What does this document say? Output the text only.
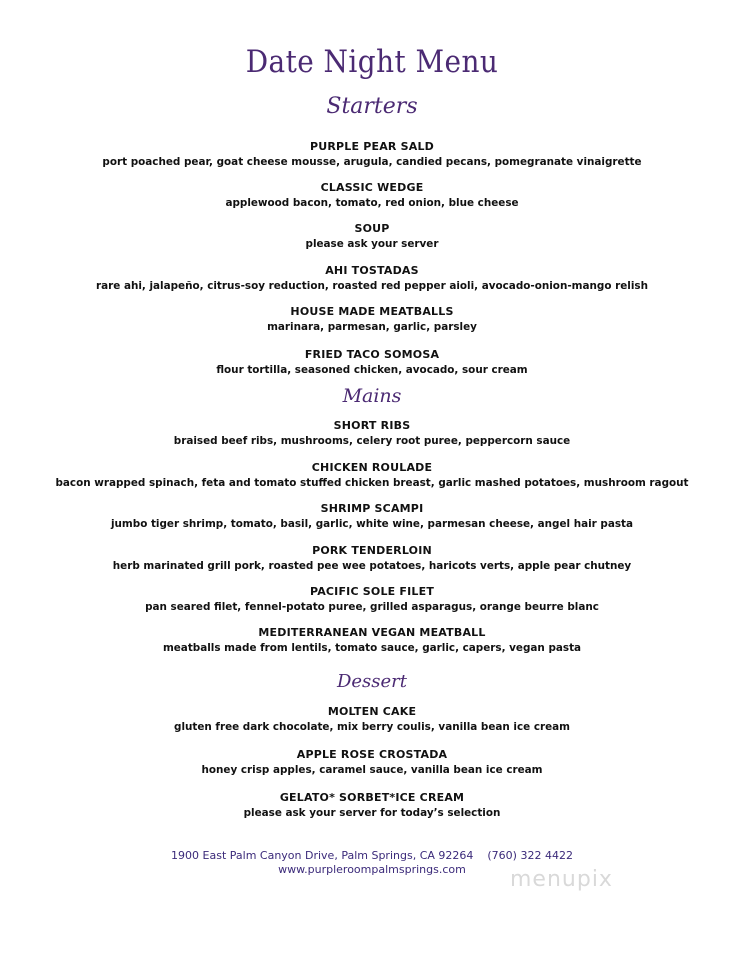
Date Night Menu
Starters
PURPLE PEAR SALD
port poached pear, goat cheese mousse, arugula, candied pecans, pomegranate vinaigrette
CLASSIC WEDGE
applewood bacon, tomato, red onion, blue cheese
SOUP
please ask your server
AHI TOSTADAS
rare ahi, jalapeño, citrus-soy reduction, roasted red pepper aioli, avocado-onion-mango relish
HOUSE MADE MEATBALLS
marinara, parmesan, garlic, parsley
FRIED TACO SOMOSA
flour tortilla, seasoned chicken, avocado, sour cream
Mains
SHORT RIBS
braised beef ribs, mushrooms, celery root puree, peppercorn sauce
CHICKEN ROULADE
bacon wrapped spinach, feta and tomato stuffed chicken breast, garlic mashed potatoes, mushroom ragout
SHRIMP SCAMPI
jumbo tiger shrimp, tomato, basil, garlic, white wine, parmesan cheese, angel hair pasta
PORK TENDERLOIN
herb marinated grill pork, roasted pee wee potatoes, haricots verts, apple pear chutney
PACIFIC SOLE FILET
pan seared filet, fennel-potato puree, grilled asparagus, orange beurre blanc
MEDITERRANEAN VEGAN MEATBALL
meatballs made from lentils, tomato sauce, garlic, capers, vegan pasta
Dessert
MOLTEN CAKE
gluten free dark chocolate, mix berry coulis, vanilla bean ice cream
APPLE ROSE CROSTADA
honey crisp apples, caramel sauce, vanilla bean ice cream
GELATO* SORBET*ICE CREAM
please ask your server for today’s selection
1900 East Palm Canyon Drive, Palm Springs, CA 92264 (760) 322 4422
www.purpleroompalmsprings.com	menupix
